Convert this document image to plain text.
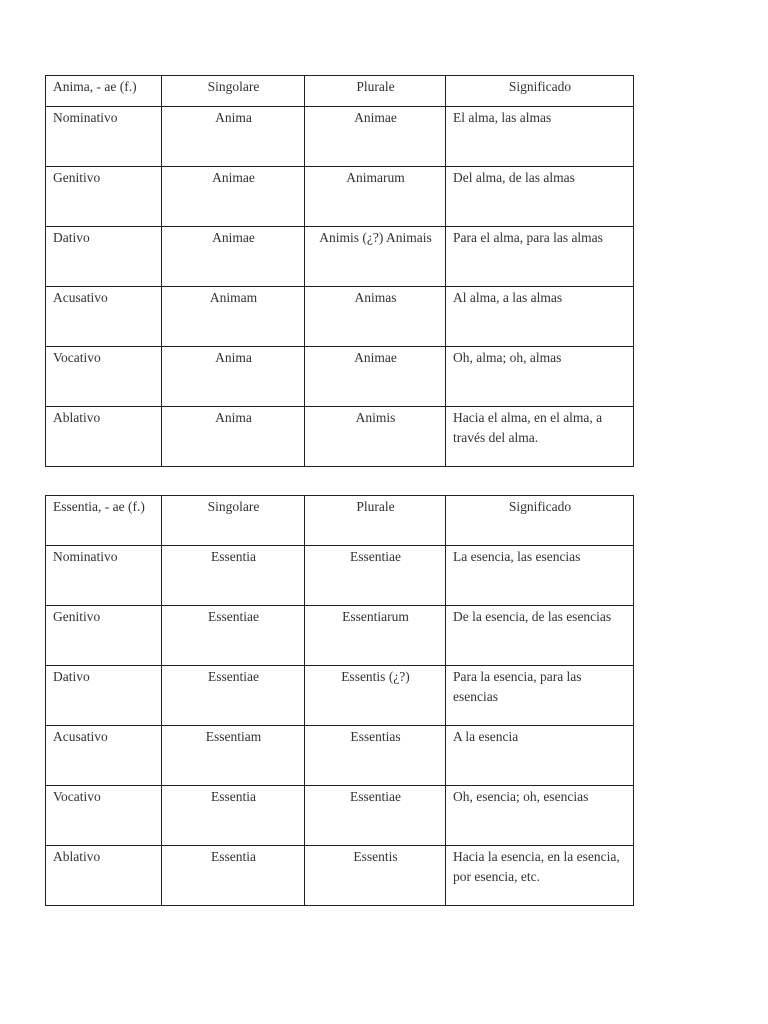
Anima, - ae (f.)	Singolare	Plurale	Significado
Nominativo	Anima	Animae	El alma, las almas
Genitivo	Animae	Animarum	Del alma, de las almas
Dativo	Animae	Animis (¿?) Animais	Para el alma, para las almas
Acusativo	Animam	Animas	Al alma, a las almas
Vocativo	Anima	Animae	Oh, alma; oh, almas
Ablativo	Anima	Animis	Hacia el alma, en el alma, a través del alma.
Essentia, - ae (f.)	Singolare	Plurale	Significado
Nominativo	Essentia	Essentiae	La esencia, las esencias
Genitivo	Essentiae	Essentiarum	De la esencia, de las esencias
Dativo	Essentiae	Essentis (¿?)	Para la esencia, para las esencias
Acusativo	Essentiam	Essentias	A la esencia
Vocativo	Essentia	Essentiae	Oh, esencia; oh, esencias
Ablativo	Essentia	Essentis	Hacia la esencia, en la esencia, por esencia, etc.
